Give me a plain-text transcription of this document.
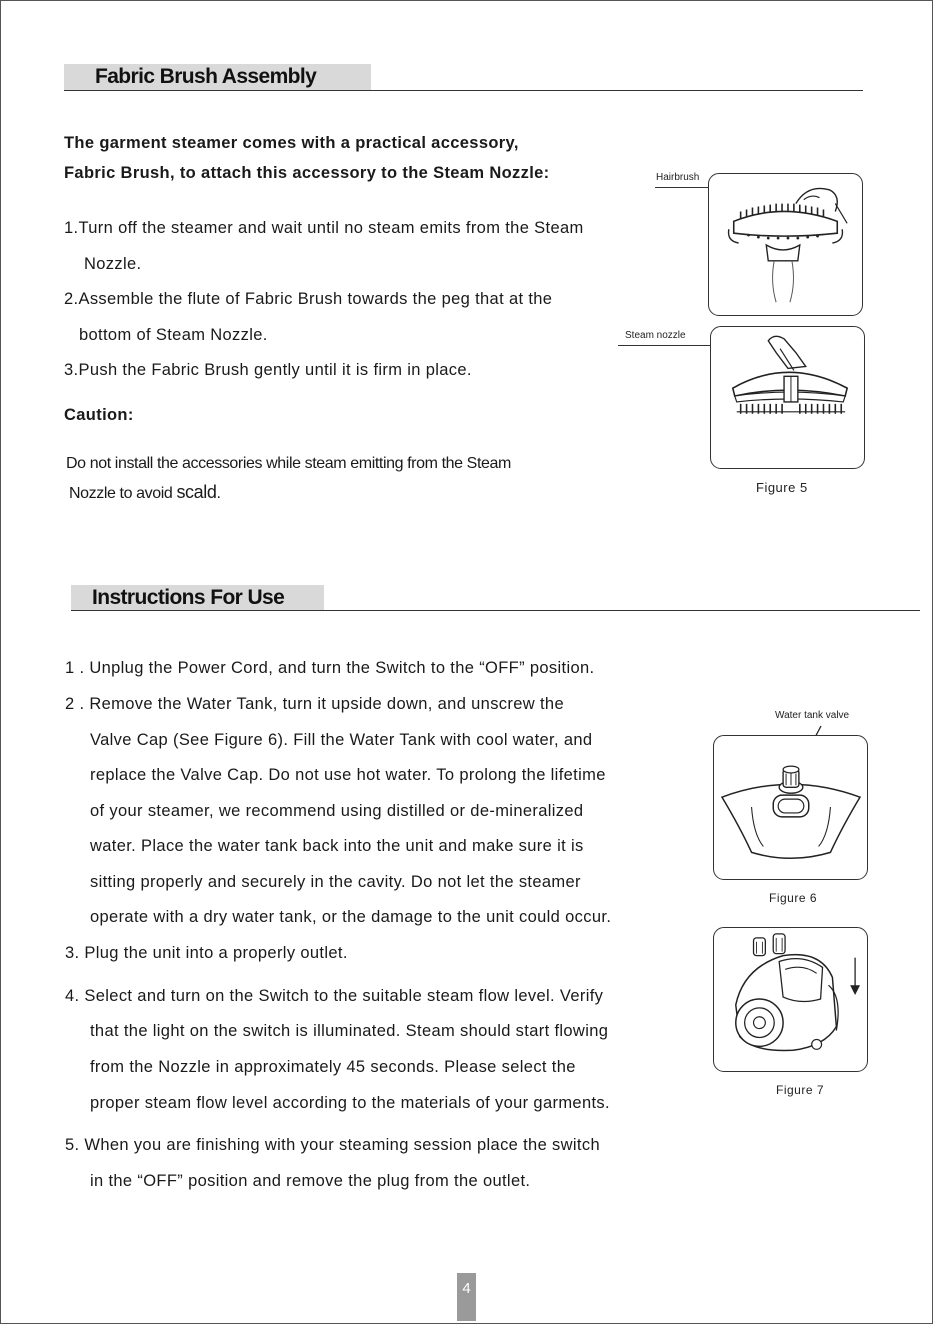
Fabric Brush Assembly
The garment steamer comes with a practical accessory,
Fabric Brush, to attach this accessory to the Steam Nozzle:
1.Turn off the steamer and wait until no steam emits from the Steam
Nozzle.
2.Assemble the flute of Fabric Brush towards the peg that at the
bottom of Steam Nozzle.
3.Push the Fabric Brush gently until it is firm in place.
Caution:
Do not install the accessories while steam emitting from the Steam
Nozzle to avoid scald.
Hairbrush
Steam nozzle
Figure 5
Instructions For Use
1 . Unplug the Power Cord, and turn the Switch to the “OFF” position.
2 . Remove the Water Tank, turn it upside down, and unscrew the
Valve Cap (See Figure 6). Fill the Water Tank with cool water, and
replace the Valve Cap. Do not use hot water. To prolong the lifetime
of your steamer, we recommend using distilled or de-mineralized
water. Place the water tank back into the unit and make sure it is
sitting properly and securely in the cavity. Do not let the steamer
operate with a dry water tank, or the damage to the unit could occur.
3. Plug the unit into a properly outlet.
4. Select and turn on the Switch to the suitable steam flow level. Verify
that the light on the switch is illuminated. Steam should start flowing
from the Nozzle in approximately 45 seconds. Please select the
proper steam flow level according to the materials of your garments.
5. When you are finishing with your steaming session place the switch
in the “OFF” position and remove the plug from the outlet.
Water tank valve
Figure 6
Figure 7
4
